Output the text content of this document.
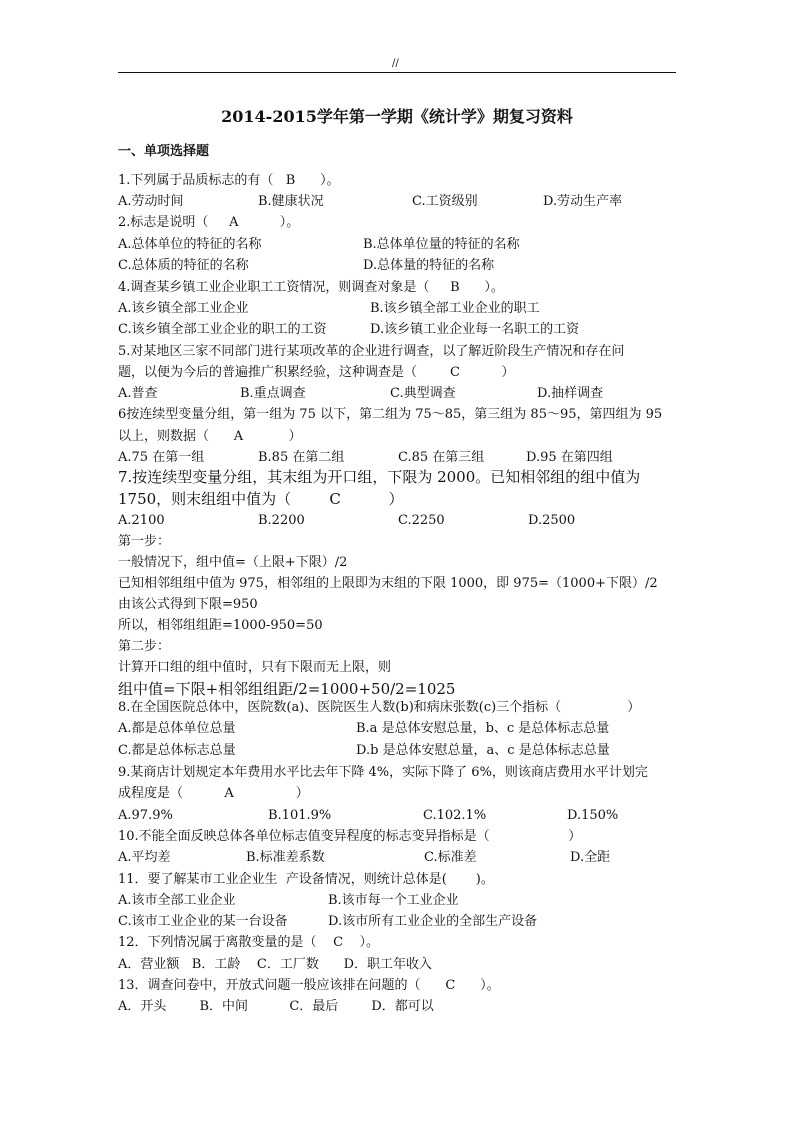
//
2014-2015学年第一学期《统计学》期复习资料
一、单项选择题
1.下列属于品质标志的有（   B      ）。
A.劳动时间	B.健康状况	C.工资级别	D.劳动生产率
2.标志是说明（     A          ）。
A.总体单位的特征的名称	B.总体单位量的特征的名称
C.总体质的特征的名称	D.总体量的特征的名称
4.调查某乡镇工业企业职工工资情况，则调查对象是（     B      ）。
A.该乡镇全部工业企业	B.该乡镇全部工业企业的职工
C.该乡镇全部工业企业的职工的工资	D.该乡镇工业企业每一名职工的工资
5.对某地区三家不同部门进行某项改革的企业进行调查，以了解近阶段生产情况和存在问
题，以便为今后的普遍推广积累经验，这种调查是（        C          ）
A.普查	B.重点调查	C.典型调查	D.抽样调查
6按连续型变量分组，第一组为 75 以下，第二组为 75～85，第三组为 85～95，第四组为 95
以上，则数据（      A           ）
A.75 在第一组	B.85 在第二组	C.85 在第三组	D.95 在第四组
7.按连续型变量分组，其末组为开口组，下限为 2000。已知相邻组的组中值为
1750，则末组组中值为（        C          ）
A.2100	B.2200	C.2250	D.2500
第一步：
一般情况下，组中值=（上限+下限）/2
已知相邻组组中值为 975，相邻组的上限即为末组的下限 1000，即 975=（1000+下限）/2
由该公式得到下限=950
所以，相邻组组距=1000-950=50
第二步：
计算开口组的组中值时，只有下限而无上限，则
组中值=下限+相邻组组距/2=1000+50/2=1025
8.在全国医院总体中，医院数(a)、医院医生人数(b)和病床张数(c)三个指标（                ）
A.都是总体单位总量	B.a 是总体安慰总量，b、c 是总体标志总量
C.都是总体标志总量	D.b 是总体安慰总量，a、c 是总体标志总量
9.某商店计划规定本年费用水平比去年下降 4%，实际下降了 6%，则该商店费用水平计划完
成程度是（          A               ）
A.97.9%	B.101.9%	C.102.1%	D.150%
10.不能全面反映总体各单位标志值变异程度的标志变异指标是（                   ）
A.平均差	B.标准差系数	C.标准差	D.全距
11．要了解某市工业企业生  产设备情况，则统计总体是(       )。
A.该市全部工业企业	B.该市每一个工业企业
C.该市工业企业的某一台设备	D.该市所有工业企业的全部生产设备
12．下列情况属于离散变量的是（    C    ）。
A．营业额   B．工龄    C．工厂数      D．职工年收入
13．调查问卷中，开放式问题一般应该排在问题的（      C      ）。
A．开头        B．中间          C．最后        D．都可以
